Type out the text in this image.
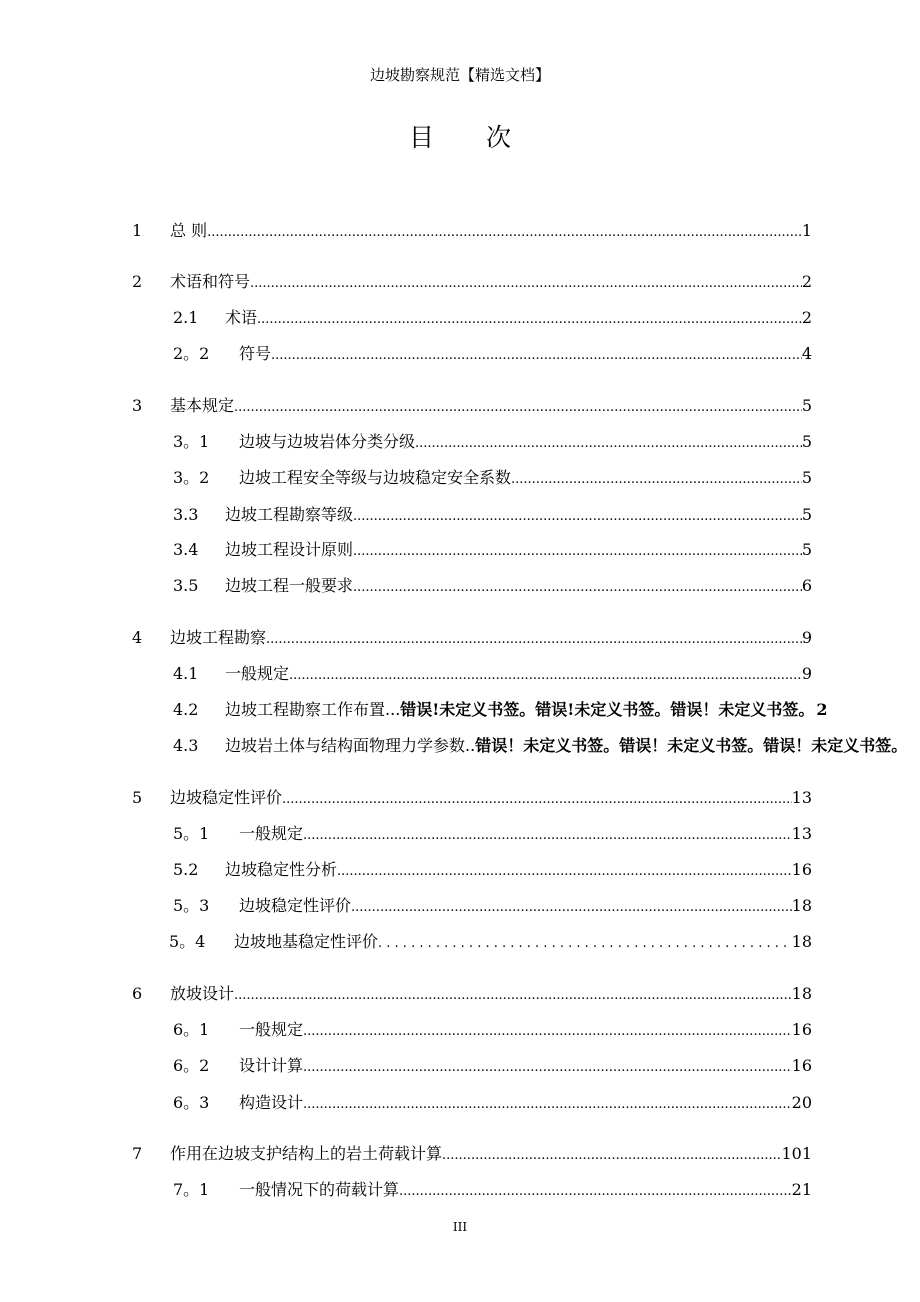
边坡勘察规范【精选文档】
目 次
1 总 则 .....	1
2 术语和符号 .....	2
2.1 术语 .....	2
2。2 符号 .....	4
3 基本规定 .....	5
3。1 边坡与边坡岩体分类分级 .....	5
3。2 边坡工程安全等级与边坡稳定安全系数 .....	5
3.3 边坡工程勘察等级 .....	5
3.4 边坡工程设计原则 .....	5
3.5 边坡工程一般要求 .....	6
4 边坡工程勘察 .....	9
4.1 一般规定 .....	9
4.2 边坡工程勘察工作布置 ... 错误!未定义书签。错误!未定义书签。错误！未定义书签。 2
4.3 边坡岩土体与结构面物理力学参数 .. 错误！未定义书签。错误！未定义书签。错误！未定义书签。
5 边坡稳定性评价 .....	13
5。1 一般规定 .....	13
5.2 边坡稳定性分析 .....	16
5。3 边坡稳定性评价 .....	18
5。4 边坡地基稳定性评价 . . .	18
6 放坡设计 .....	18
6。1 一般规定 .....	16
6。2 设计计算 .....	16
6。3 构造设计 .....	20
7 作用在边坡支护结构上的岩土荷载计算 .....	101
7。1 一般情况下的荷载计算 .....	21
III
